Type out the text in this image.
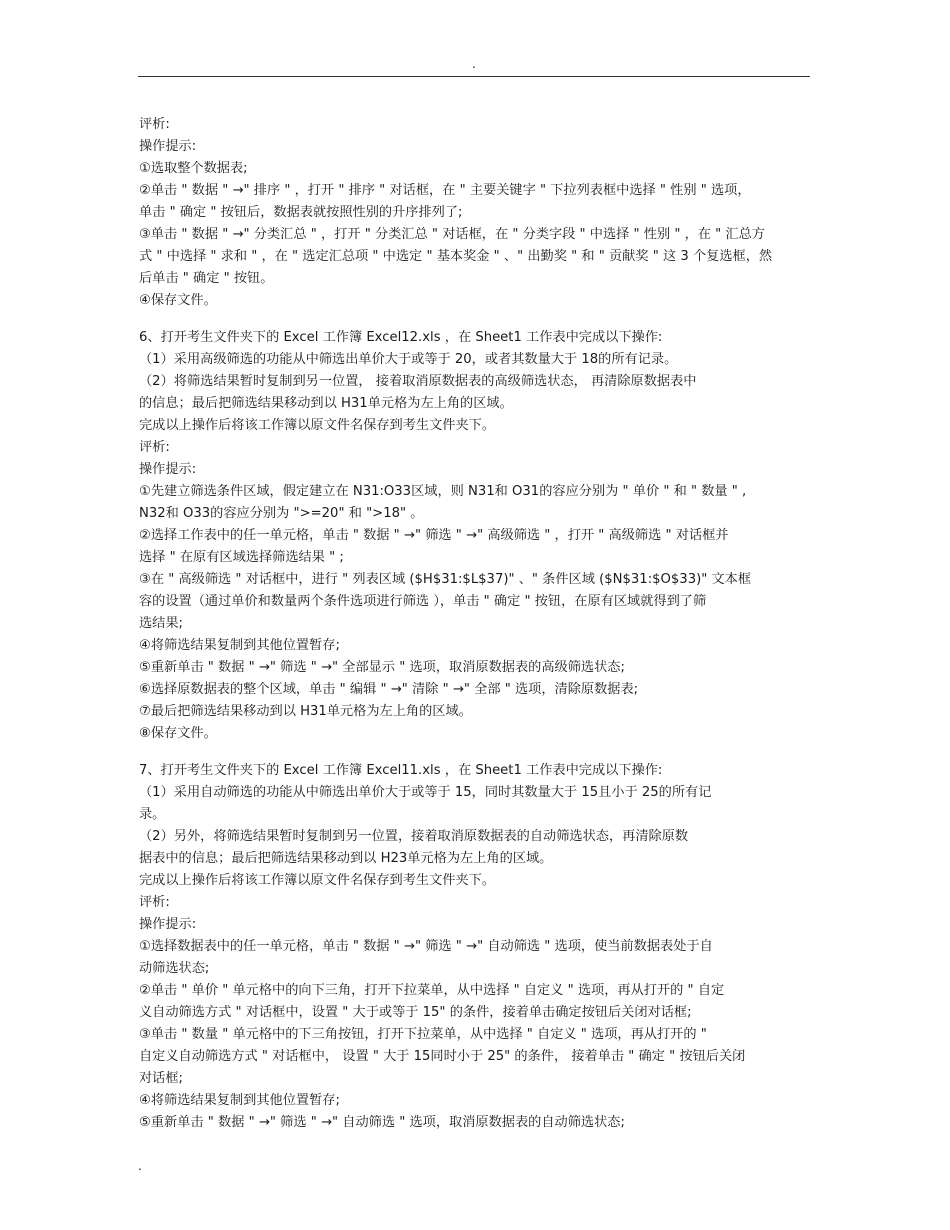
.
评析:
操作提示:
①选取整个数据表;
②单击 " 数据 " →" 排序 " ，打开 " 排序 " 对话框，在 " 主要关键字 " 下拉列表框中选择 " 性别 " 选项，
单击 " 确定 " 按钮后，数据表就按照性别的升序排列了;
③单击 " 数据 " →" 分类汇总 " ，打开 " 分类汇总 " 对话框，在 " 分类字段 " 中选择 " 性别 " ，在 " 汇总方
式 " 中选择 " 求和 " ，在 " 选定汇总项 " 中选定 " 基本奖金 " 、" 出勤奖 " 和 " 贡献奖 " 这 3 个复选框，然
后单击 " 确定 " 按钮。
④保存文件。
6、打开考生文件夹下的 Excel 工作簿 Excel12.xls ，在 Sheet1 工作表中完成以下操作:
（1）采用高级筛选的功能从中筛选出单价大于或等于 20，或者其数量大于 18的所有记录。
（2）将筛选结果暂时复制到另一位置， 接着取消原数据表的高级筛选状态， 再清除原数据表中
的信息；最后把筛选结果移动到以 H31单元格为左上角的区域。
完成以上操作后将该工作簿以原文件名保存到考生文件夹下。
评析:
操作提示:
①先建立筛选条件区域，假定建立在 N31:O33区域，则 N31和 O31的容应分别为 " 单价 " 和 " 数量 " ,
N32和 O33的容应分别为 ">=20" 和 ">18" 。
②选择工作表中的任一单元格，单击 " 数据 " →" 筛选 " →" 高级筛选 " ，打开 " 高级筛选 " 对话框并
选择 " 在原有区域选择筛选结果 " ;
③在 " 高级筛选 " 对话框中，进行 " 列表区域 ($H$31:$L$37)" 、" 条件区域 ($N$31:$O$33)" 文本框
容的设置（通过单价和数量两个条件选项进行筛选 ），单击 " 确定 " 按钮，在原有区域就得到了筛
选结果;
④将筛选结果复制到其他位置暂存;
⑤重新单击 " 数据 " →" 筛选 " →" 全部显示 " 选项，取消原数据表的高级筛选状态;
⑥选择原数据表的整个区域，单击 " 编辑 " →" 清除 " →" 全部 " 选项，清除原数据表;
⑦最后把筛选结果移动到以 H31单元格为左上角的区域。
⑧保存文件。
7、打开考生文件夹下的 Excel 工作簿 Excel11.xls ，在 Sheet1 工作表中完成以下操作:
（1）采用自动筛选的功能从中筛选出单价大于或等于 15，同时其数量大于 15且小于 25的所有记
录。
（2）另外，将筛选结果暂时复制到另一位置，接着取消原数据表的自动筛选状态，再清除原数
据表中的信息；最后把筛选结果移动到以 H23单元格为左上角的区域。
完成以上操作后将该工作簿以原文件名保存到考生文件夹下。
评析:
操作提示:
①选择数据表中的任一单元格，单击 " 数据 " →" 筛选 " →" 自动筛选 " 选项，使当前数据表处于自
动筛选状态;
②单击 " 单价 " 单元格中的向下三角，打开下拉菜单，从中选择 " 自定义 " 选项，再从打开的 " 自定
义自动筛选方式 " 对话框中，设置 " 大于或等于 15" 的条件，接着单击确定按钮后关闭对话框;
③单击 " 数量 " 单元格中的下三角按钮，打开下拉菜单，从中选择 " 自定义 " 选项，再从打开的 "
自定义自动筛选方式 " 对话框中， 设置 " 大于 15同时小于 25" 的条件， 接着单击 " 确定 " 按钮后关闭
对话框;
④将筛选结果复制到其他位置暂存;
⑤重新单击 " 数据 " →" 筛选 " →" 自动筛选 " 选项，取消原数据表的自动筛选状态;
.
